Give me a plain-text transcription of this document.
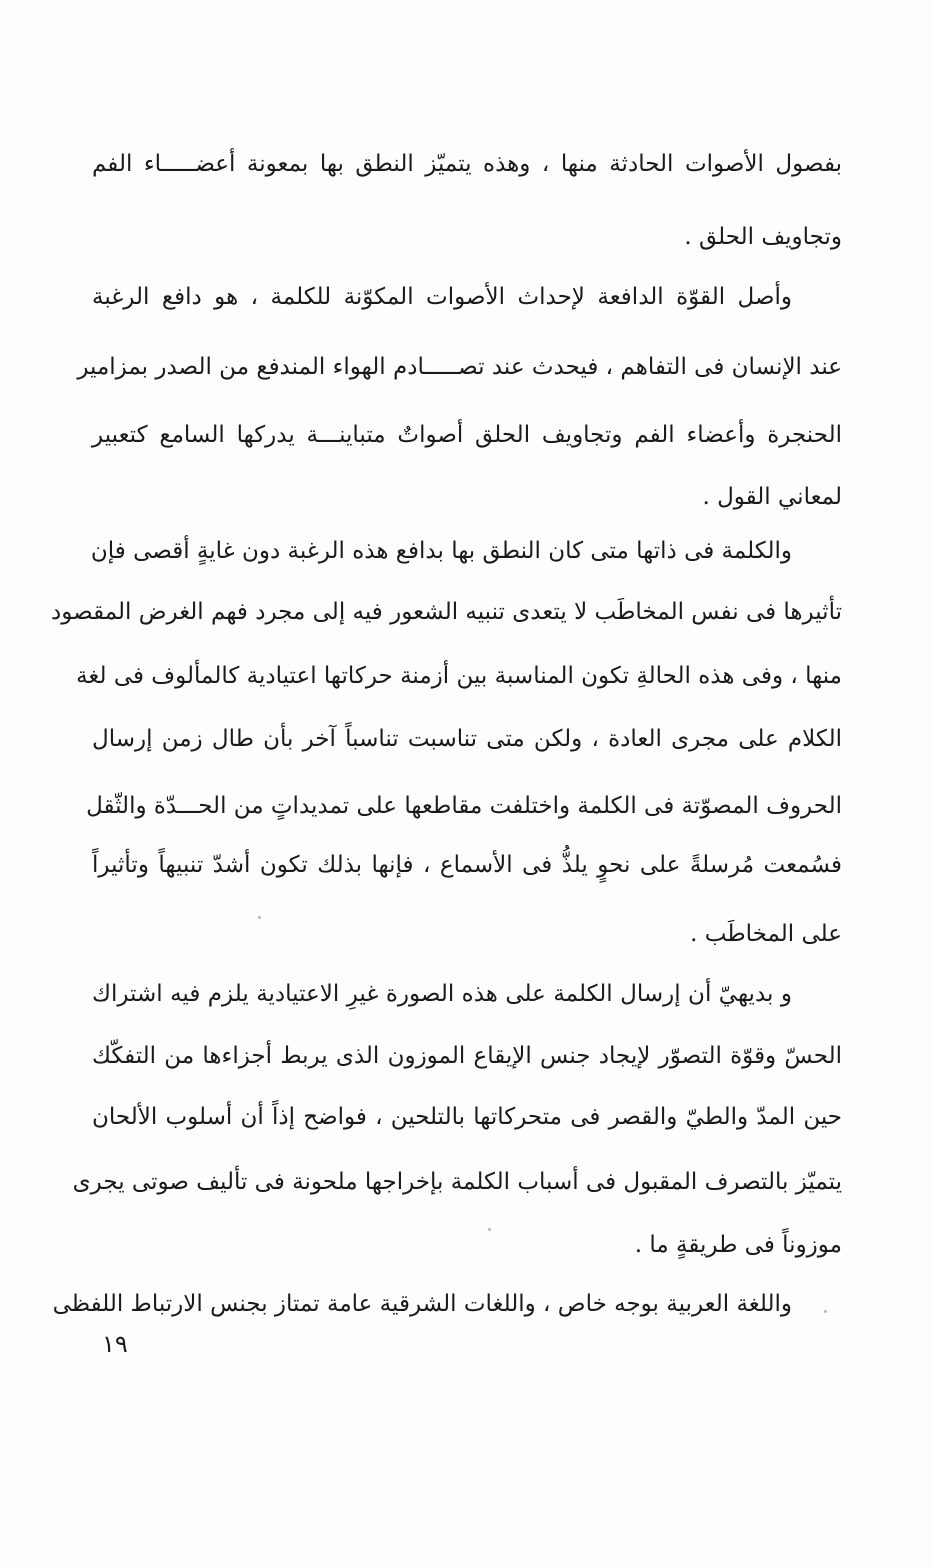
بفصول الأصوات الحادثة منها ، وهذه يتميّز النطق بها بمعونة أعضـــــاء الفم
وتجاويف الحلق .
وأصل القوّة الدافعة لإحداث الأصوات المكوّنة للكلمة ، هو دافع الرغبة
عند الإنسان فى التفاهم ، فيحدث عند تصـــــادم الهواء المندفع من الصدر بمزامير
الحنجرة وأعضاء الفم وتجاويف الحلق أصواتٌ متباينـــة يدركها السامع كتعبير
لمعاني القول .
والكلمة فى ذاتها متى كان النطق بها بدافع هذه الرغبة دون غايةٍ أقصى فإن
تأثيرها فى نفس المخاطَب لا يتعدى تنبيه الشعور فيه إلى مجرد فهم الغرض المقصود
منها ، وفى هذه الحالةِ تكون المناسبة بين أزمنة حركاتها اعتيادية كالمألوف فى لغة
الكلام على مجرى العادة ، ولكن متى تناسبت تناسباً آخر بأن طال زمن إرسال
الحروف المصوّتة فى الكلمة واختلفت مقاطعها على تمديداتٍ من الحـــدّة والثّقل
فسُمعت مُرسلةً على نحوٍ يلذُّ فى الأسماع ، فإنها بذلك تكون أشدّ تنبيهاً وتأثيراً
على المخاطَب .
و بديهيّ أن إرسال الكلمة على هذه الصورة غيرِ الاعتيادية يلزم فيه اشتراك
الحسّ وقوّة التصوّر لإيجاد جنس الإيقاع الموزون الذى يربط أجزاءها من التفكّك
حين المدّ والطيّ والقصر فى متحركاتها بالتلحين ، فواضح إذاً أن أسلوب الألحان
يتميّز بالتصرف المقبول فى أسباب الكلمة بإخراجها ملحونة فى تأليف صوتى يجرى
موزوناً فى طريقةٍ ما .
واللغة العربية بوجه خاص ، واللغات الشرقية عامة تمتاز بجنس الارتباط اللفظى
١٩
